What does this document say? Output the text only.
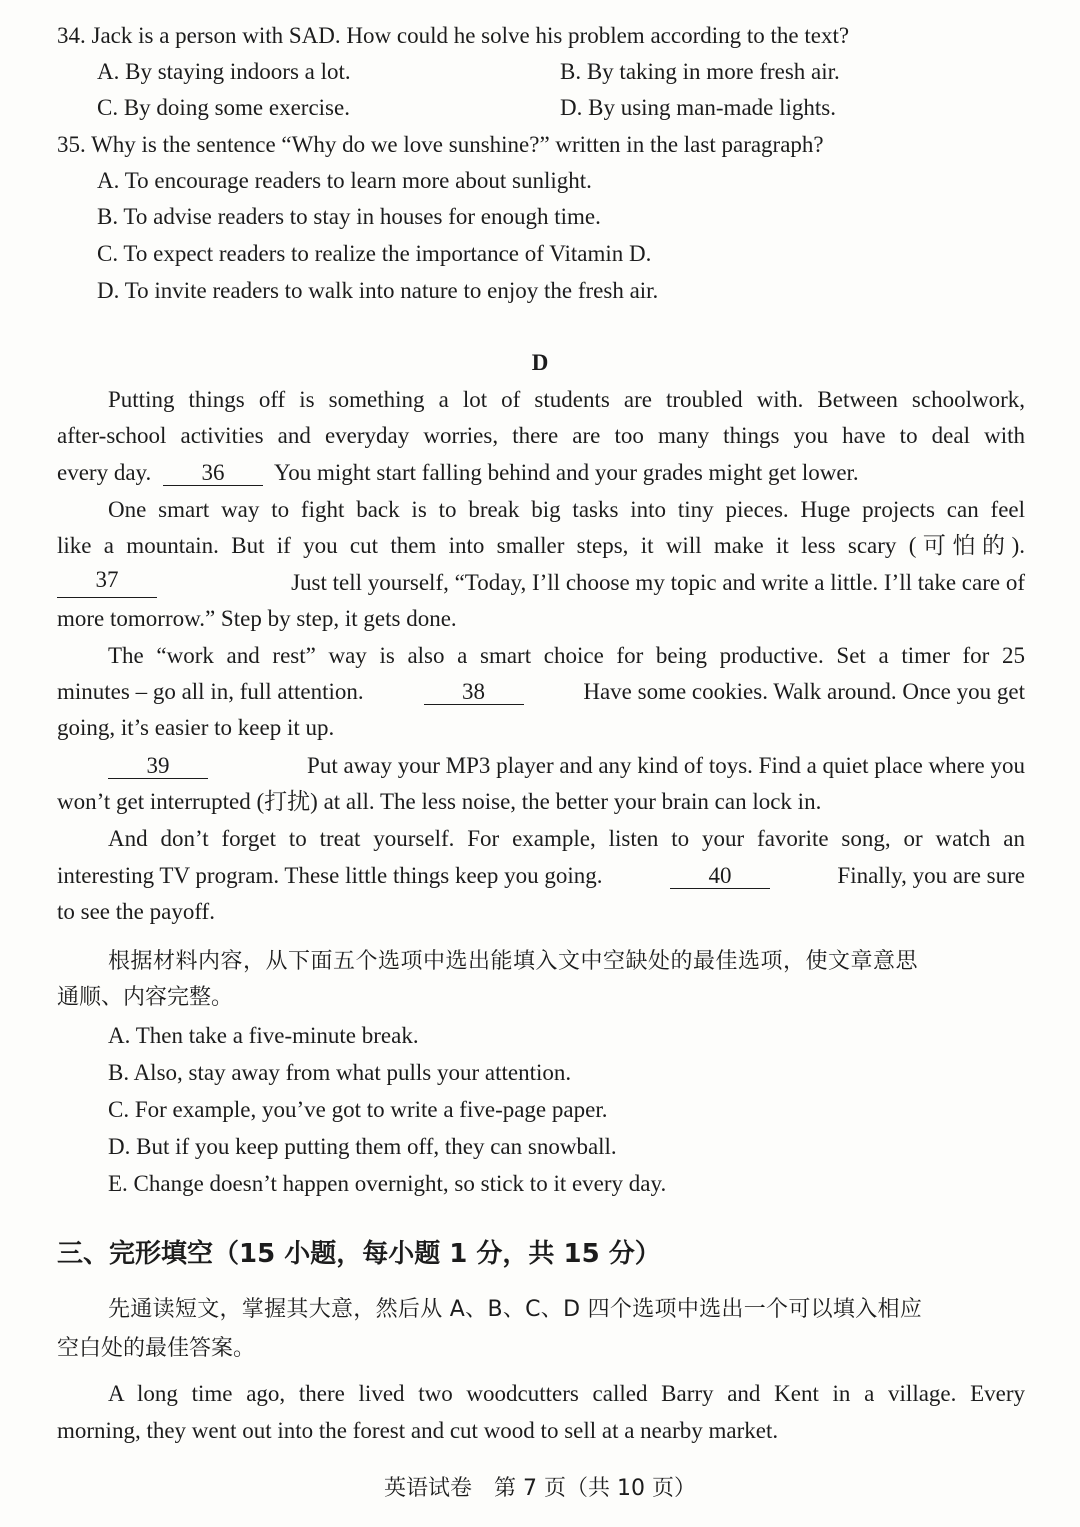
34. Jack is a person with SAD. How could he solve his problem according to the text?
A. By staying indoors a lot.	B. By taking in more fresh air.
C. By doing some exercise.	D. By using man-made lights.
35. Why is the sentence “Why do we love sunshine?” written in the last paragraph?
A. To encourage readers to learn more about sunlight.
B. To advise readers to stay in houses for enough time.
C. To expect readers to realize the importance of Vitamin D.
D. To invite readers to walk into nature to enjoy the fresh air.
D
Putting things off is something a lot of students are troubled with. Between schoolwork,
after-school activities and everyday worries, there are too many things you have to deal with
every day. 36 You might start falling behind and your grades might get lower.
One smart way to fight back is to break big tasks into tiny pieces. Huge projects can feel
like a mountain. But if you cut them into smaller steps, it will make it less scary (可怕的).
37	Just tell yourself, “Today, I’ll choose my topic and write a little. I’ll take care of
more tomorrow.” Step by step, it gets done.
The “work and rest” way is also a smart choice for being productive. Set a timer for 25
minutes – go all in, full attention.	38	Have some cookies. Walk around. Once you get
going, it’s easier to keep it up.
39	Put away your MP3 player and any kind of toys. Find a quiet place where you
won’t get interrupted (打扰) at all. The less noise, the better your brain can lock in.
And don’t forget to treat yourself. For example, listen to your favorite song, or watch an
interesting TV program. These little things keep you going.	40	Finally, you are sure
to see the payoff.
根据材料内容，从下面五个选项中选出能填入文中空缺处的最佳选项，使文章意思
通顺、内容完整。
A. Then take a five-minute break.
B. Also, stay away from what pulls your attention.
C. For example, you’ve got to write a five-page paper.
D. But if you keep putting them off, they can snowball.
E. Change doesn’t happen overnight, so stick to it every day.
三、完形填空（15 小题，每小题 1 分，共 15 分）
先通读短文，掌握其大意，然后从 A、B、C、D 四个选项中选出一个可以填入相应
空白处的最佳答案。
A long time ago, there lived two woodcutters called Barry and Kent in a village. Every
morning, they went out into the forest and cut wood to sell at a nearby market.
英语试卷　第 7 页（共 10 页）
